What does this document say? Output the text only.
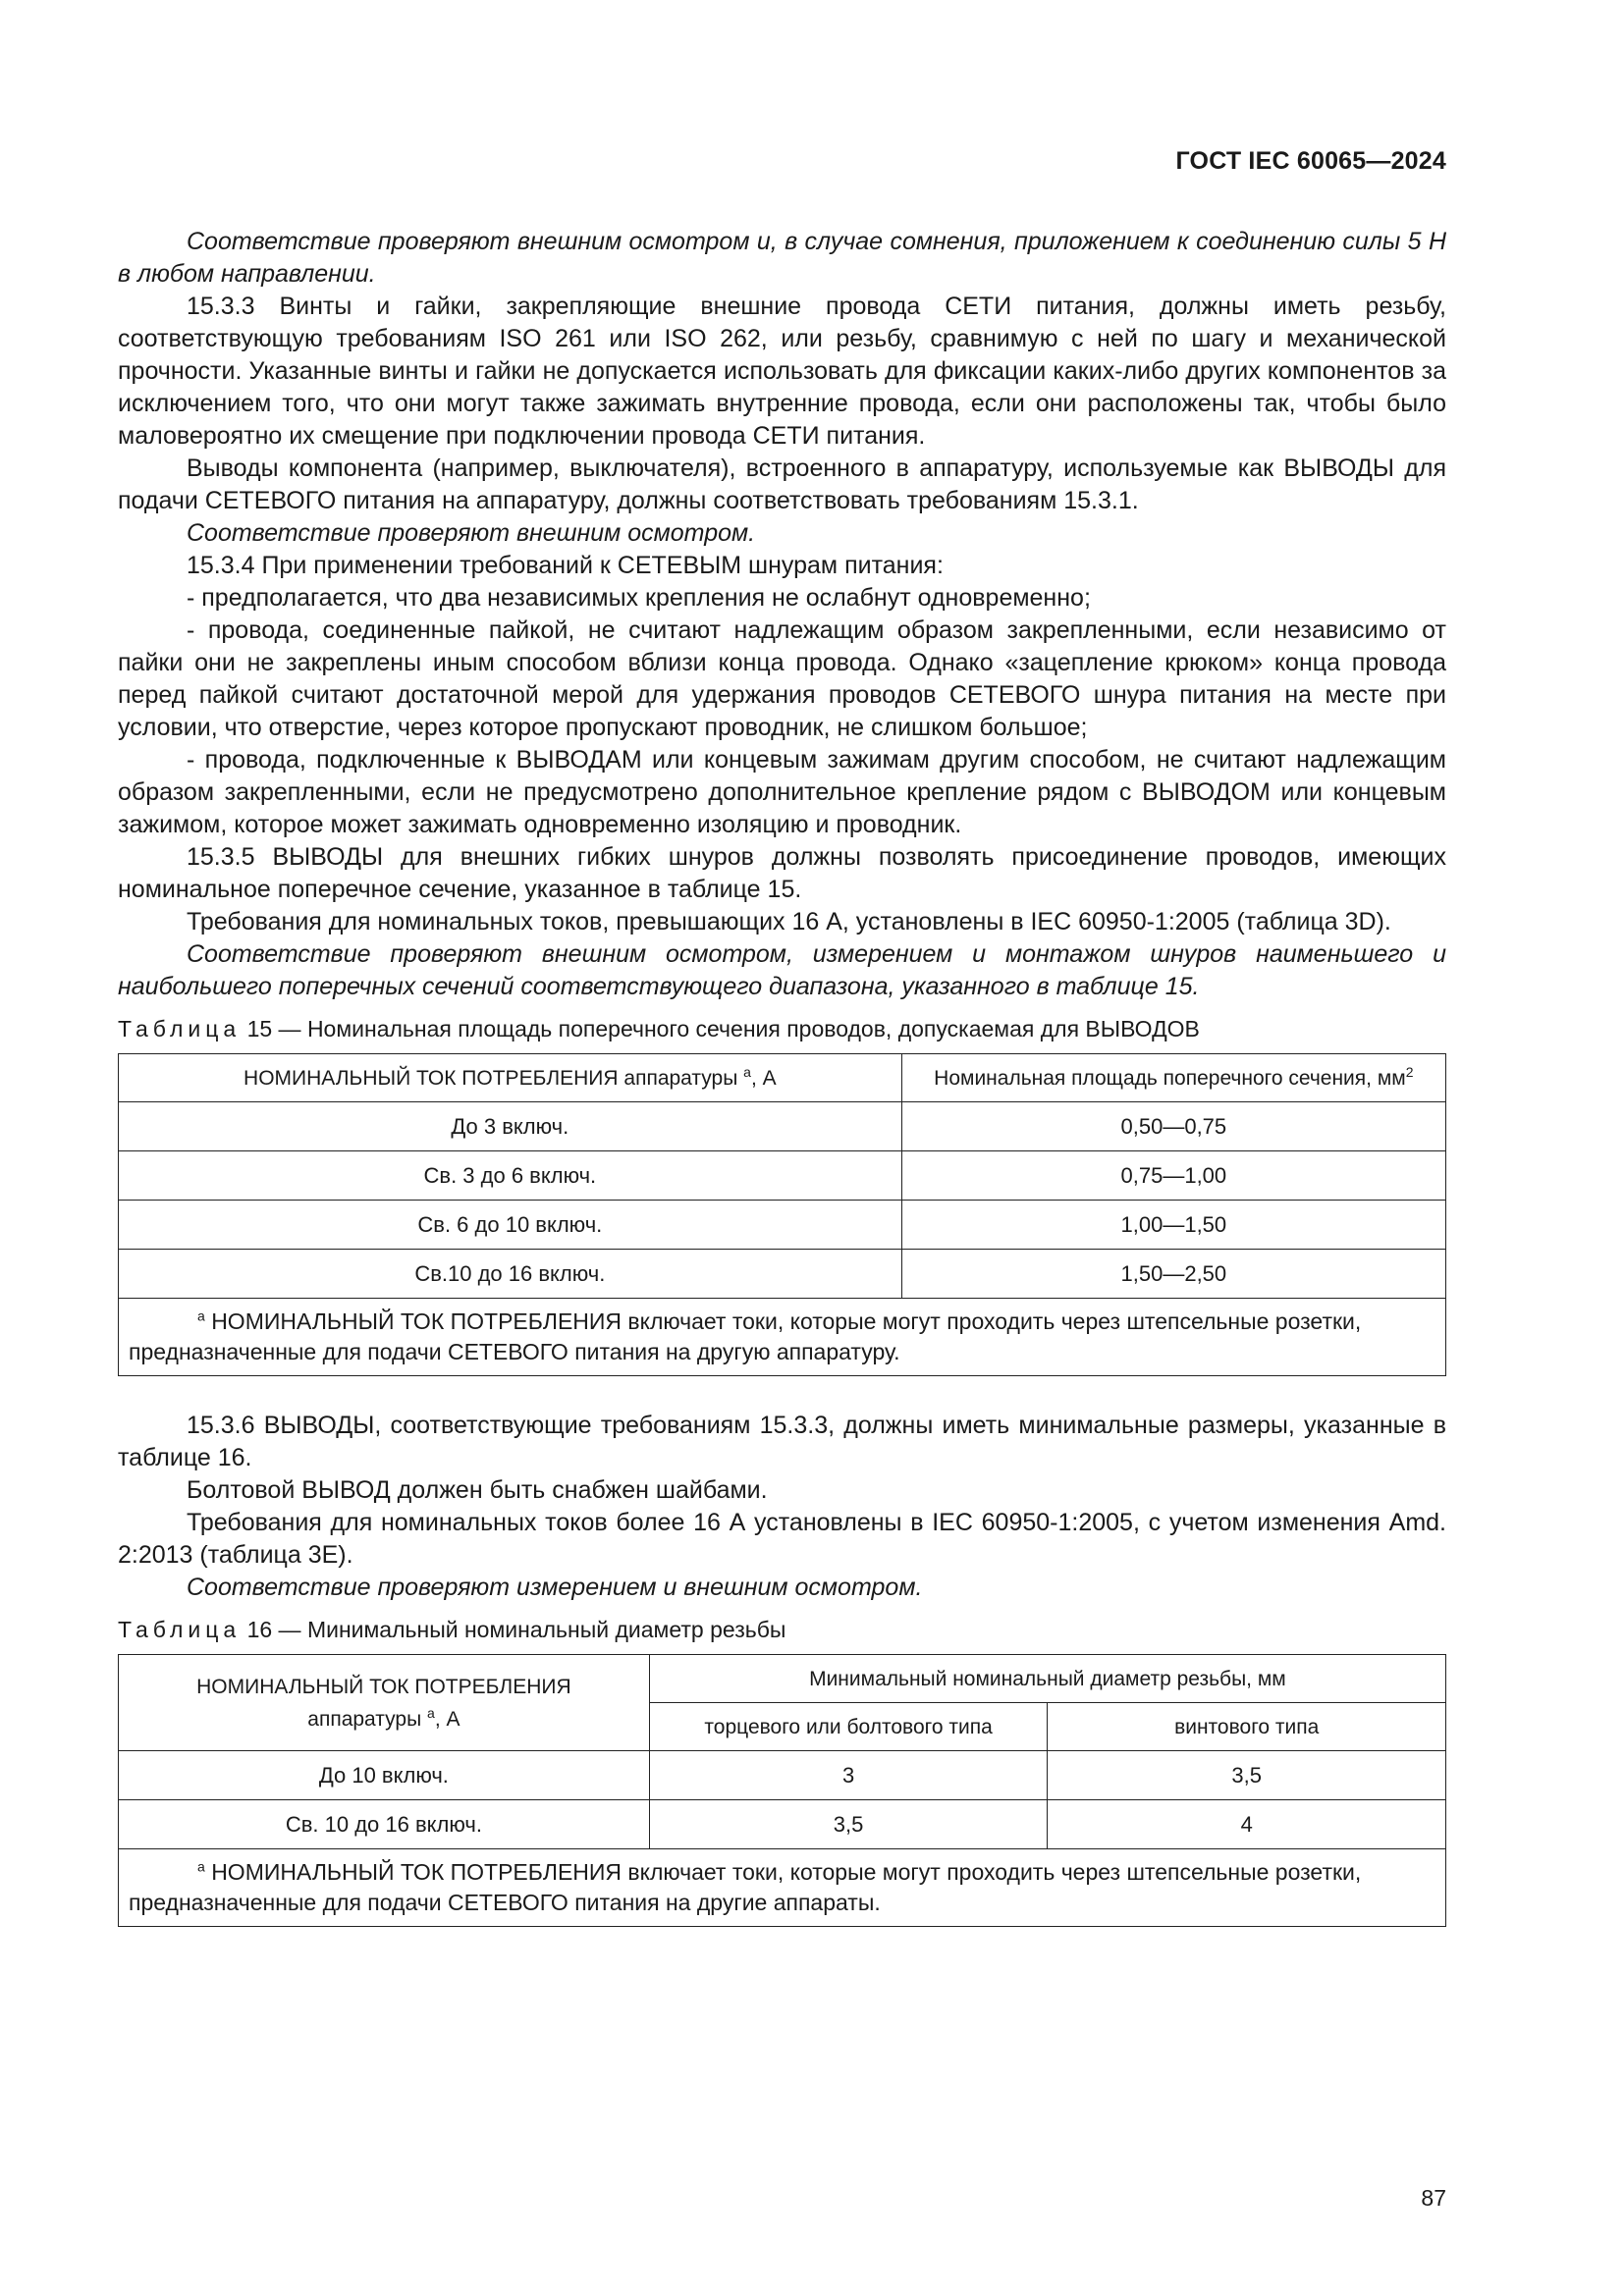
ГОСТ IEC 60065—2024

Соответствие проверяют внешним осмотром и, в случае сомнения, приложением к соединению силы 5 Н в любом направлении.

15.3.3 Винты и гайки, закрепляющие внешние провода СЕТИ питания, должны иметь резьбу, соответствующую требованиям ISO 261 или ISO 262, или резьбу, сравнимую с ней по шагу и механической прочности. Указанные винты и гайки не допускается использовать для фиксации каких-либо других компонентов за исключением того, что они могут также зажимать внутренние провода, если они расположены так, чтобы было маловероятно их смещение при подключении провода СЕТИ питания.

Выводы компонента (например, выключателя), встроенного в аппаратуру, используемые как ВЫВОДЫ для подачи СЕТЕВОГО питания на аппаратуру, должны соответствовать требованиям 15.3.1.

Соответствие проверяют внешним осмотром.

15.3.4 При применении требований к СЕТЕВЫМ шнурам питания:

- предполагается, что два независимых крепления не ослабнут одновременно;

- провода, соединенные пайкой, не считают надлежащим образом закрепленными, если независимо от пайки они не закреплены иным способом вблизи конца провода. Однако «зацепление крюком» конца провода перед пайкой считают достаточной мерой для удержания проводов СЕТЕВОГО шнура питания на месте при условии, что отверстие, через которое пропускают проводник, не слишком большое;

- провода, подключенные к ВЫВОДАМ или концевым зажимам другим способом, не считают надлежащим образом закрепленными, если не предусмотрено дополнительное крепление рядом с ВЫВОДОМ или концевым зажимом, которое может зажимать одновременно изоляцию и проводник.

15.3.5 ВЫВОДЫ для внешних гибких шнуров должны позволять присоединение проводов, имеющих номинальное поперечное сечение, указанное в таблице 15.

Требования для номинальных токов, превышающих 16 А, установлены в IEC 60950-1:2005 (таблица 3D).

Соответствие проверяют внешним осмотром, измерением и монтажом шнуров наименьшего и наибольшего поперечных сечений соответствующего диапазона, указанного в таблице 15.

Таблица 15 — Номинальная площадь поперечного сечения проводов, допускаемая для ВЫВОДОВ
НОМИНАЛЬНЫЙ ТОК ПОТРЕБЛЕНИЯ аппаратуры $^a$, А	Номинальная площадь поперечного сечения, $мм^2$
До 3 включ.	0,50—0,75
Св. 3 до 6 включ.	0,75—1,00
Св. 6 до 10 включ.	1,00—1,50
Св.10 до 16 включ.	1,50—2,50
$^a$ НОМИНАЛЬНЫЙ ТОК ПОТРЕБЛЕНИЯ включает токи, которые могут проходить через штепсельные розетки, предназначенные для подачи СЕТЕВОГО питания на другую аппаратуру.	

15.3.6 ВЫВОДЫ, соответствующие требованиям 15.3.3, должны иметь минимальные размеры, указанные в таблице 16.

Болтовой ВЫВОД должен быть снабжен шайбами.

Требования для номинальных токов более 16 А установлены в IEC 60950-1:2005, с учетом изменения Amd. 2:2013 (таблица 3E).

Соответствие проверяют измерением и внешним осмотром.

Таблица 16 — Минимальный номинальный диаметр резьбы
НОМИНАЛЬНЫЙ ТОК ПОТРЕБЛЕНИЯ
аппаратуры $^a$, А	Минимальный номинальный диаметр резьбы, мм	
	торцевого или болтового типа	винтового типа
До 10 включ.	3	3,5
Св. 10 до 16 включ.	3,5	4
$^a$ НОМИНАЛЬНЫЙ ТОК ПОТРЕБЛЕНИЯ включает токи, которые могут проходить через штепсельные розетки, предназначенные для подачи СЕТЕВОГО питания на другие аппараты.		
87
